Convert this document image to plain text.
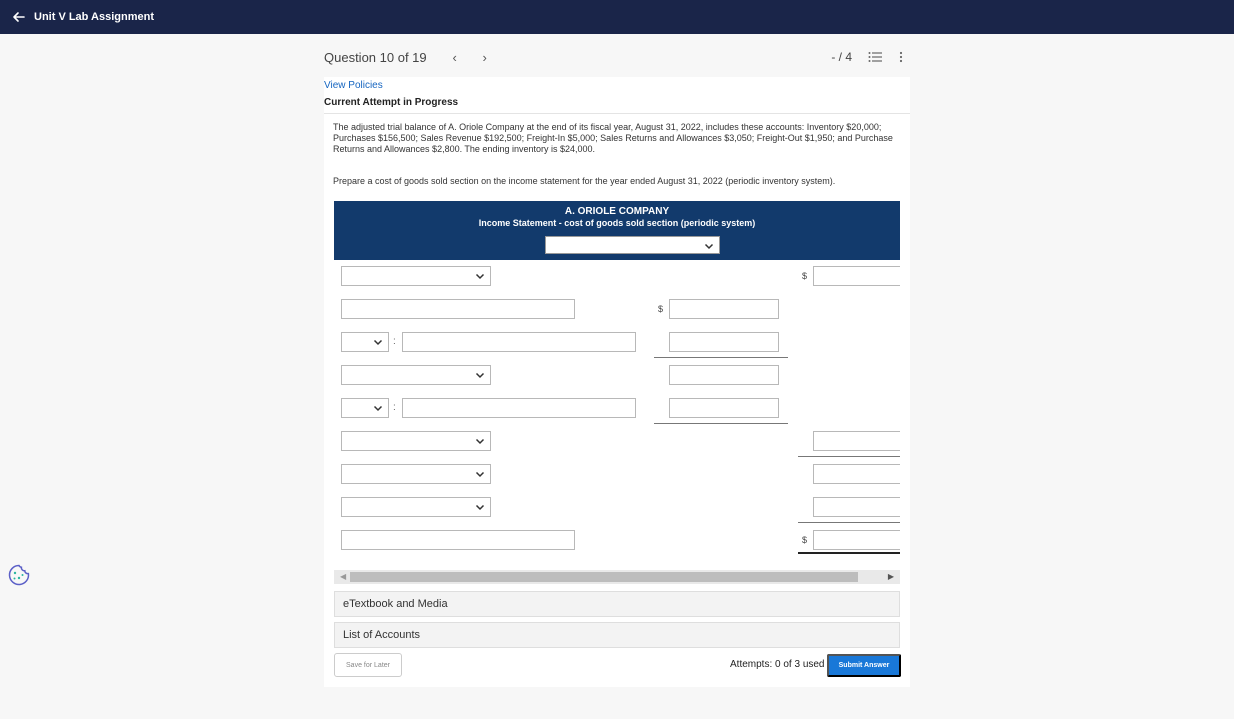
Unit V Lab Assignment
Question 10 of 19	‹	›	- / 4
View Policies
Current Attempt in Progress

The adjusted trial balance of A. Oriole Company at the end of its fiscal year, August 31, 2022, includes these accounts: Inventory $20,000; Purchases $156,500; Sales Revenue $192,500; Freight-In $5,000; Sales Returns and Allowances $3,050; Freight-Out $1,950; and Purchase Returns and Allowances $2,800. The ending inventory is $24,000.

Prepare a cost of goods sold section on the income statement for the year ended August 31, 2022 (periodic inventory system).

A. ORIOLE COMPANY
Income Statement - cost of goods sold section (periodic system)
$
$
:
:
$
◀	▶
eTextbook and Media
List of Accounts
Save for Later	Attempts: 0 of 3 used	Submit Answer
